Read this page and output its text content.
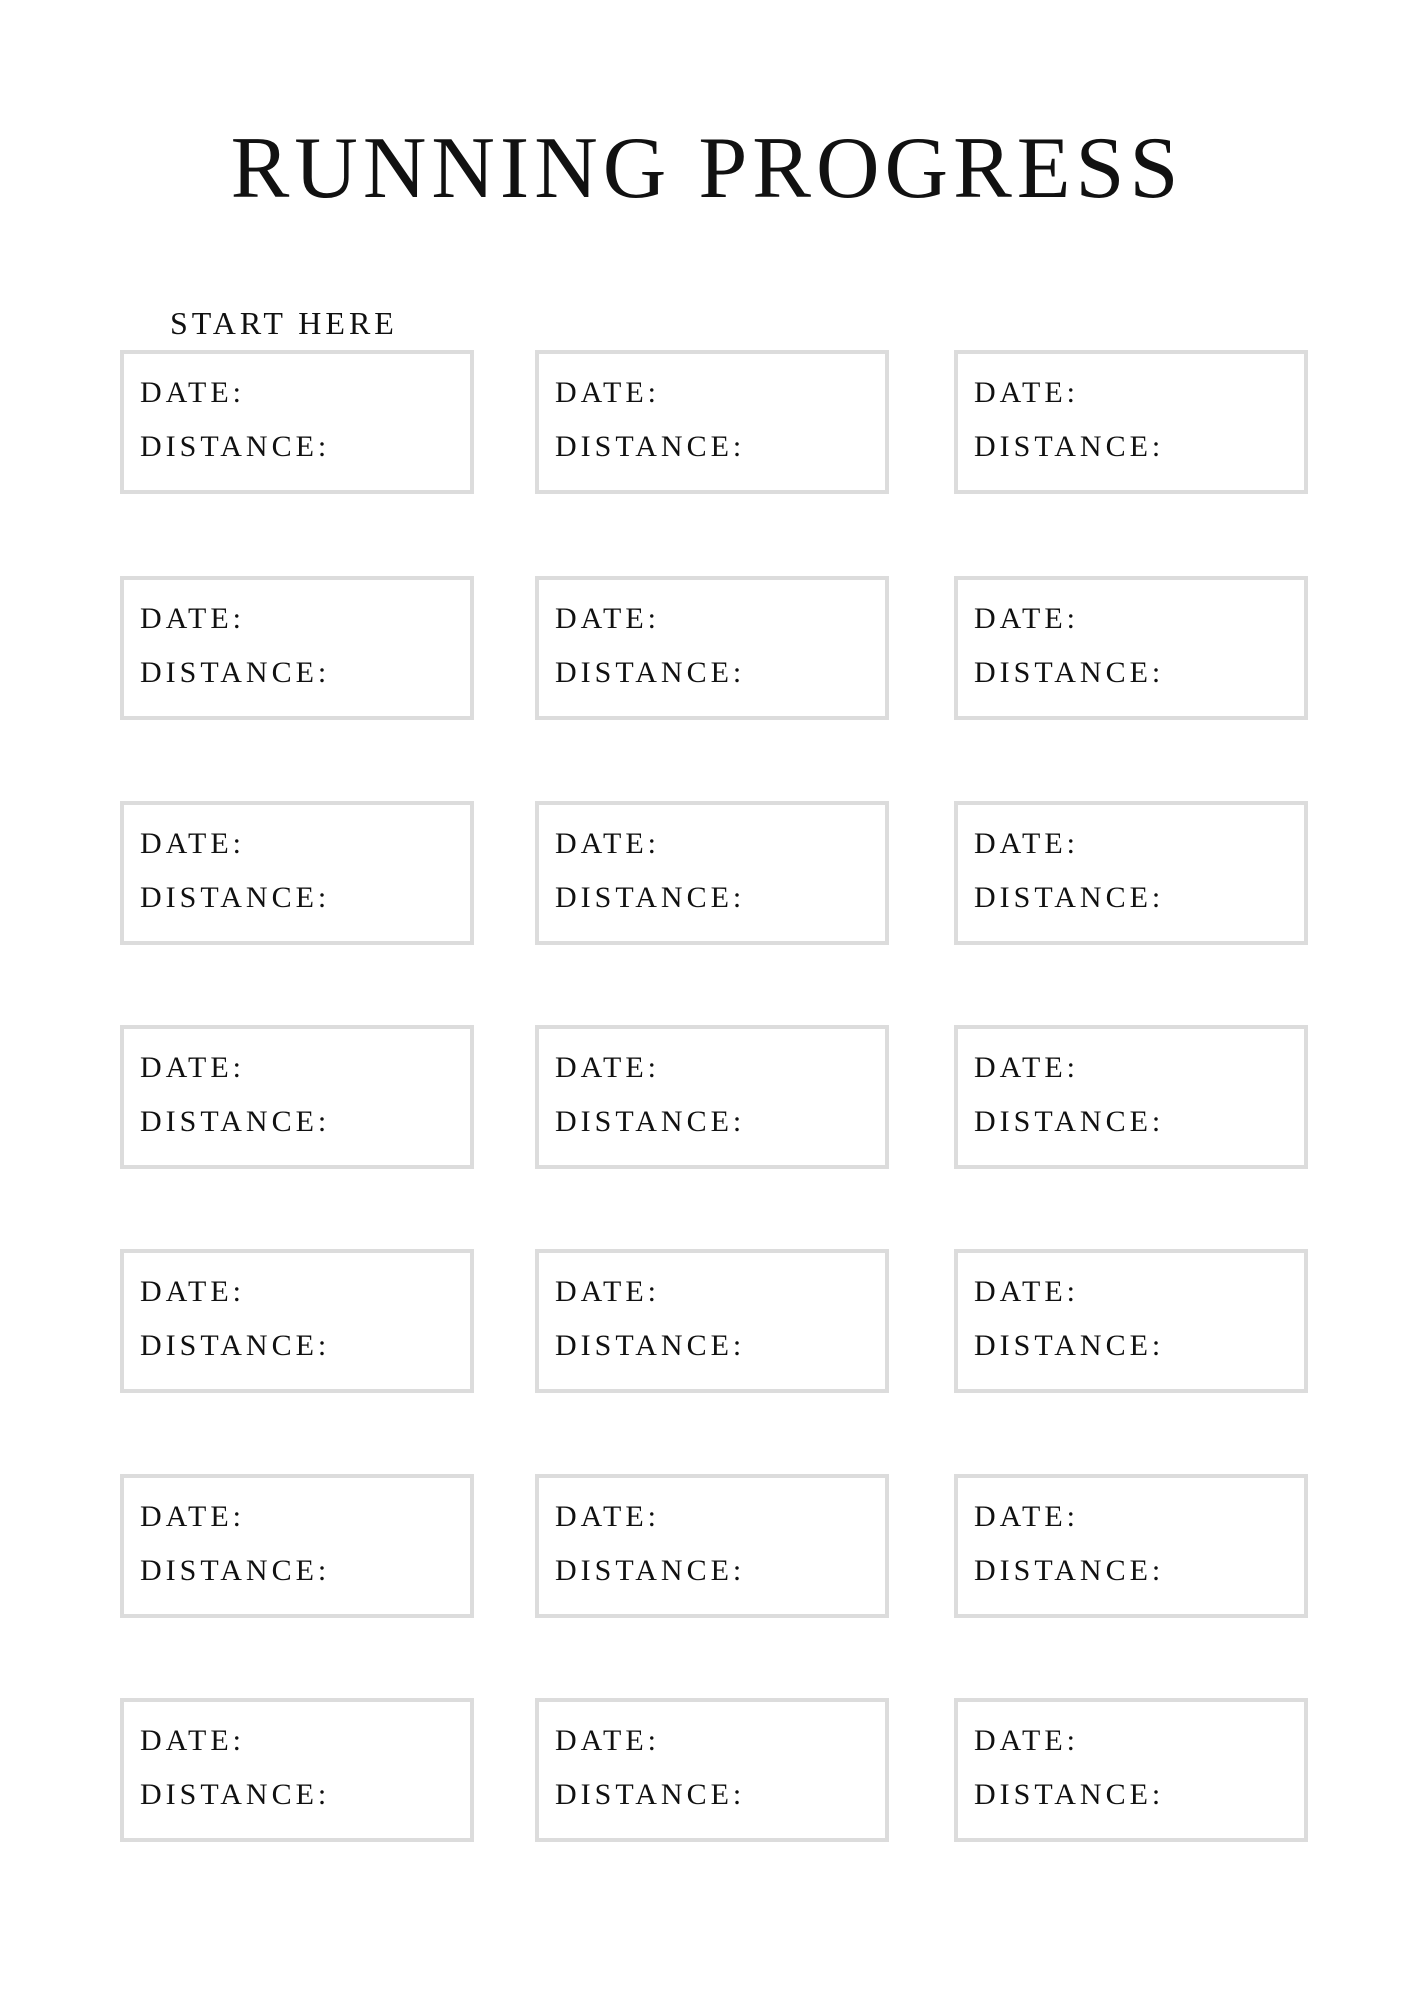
RUNNING PROGRESS
START HERE
DATE:
DISTANCE:
DATE:
DISTANCE:
DATE:
DISTANCE:
DATE:
DISTANCE:
DATE:
DISTANCE:
DATE:
DISTANCE:
DATE:
DISTANCE:
DATE:
DISTANCE:
DATE:
DISTANCE:
DATE:
DISTANCE:
DATE:
DISTANCE:
DATE:
DISTANCE:
DATE:
DISTANCE:
DATE:
DISTANCE:
DATE:
DISTANCE:
DATE:
DISTANCE:
DATE:
DISTANCE:
DATE:
DISTANCE:
DATE:
DISTANCE:
DATE:
DISTANCE:
DATE:
DISTANCE:
